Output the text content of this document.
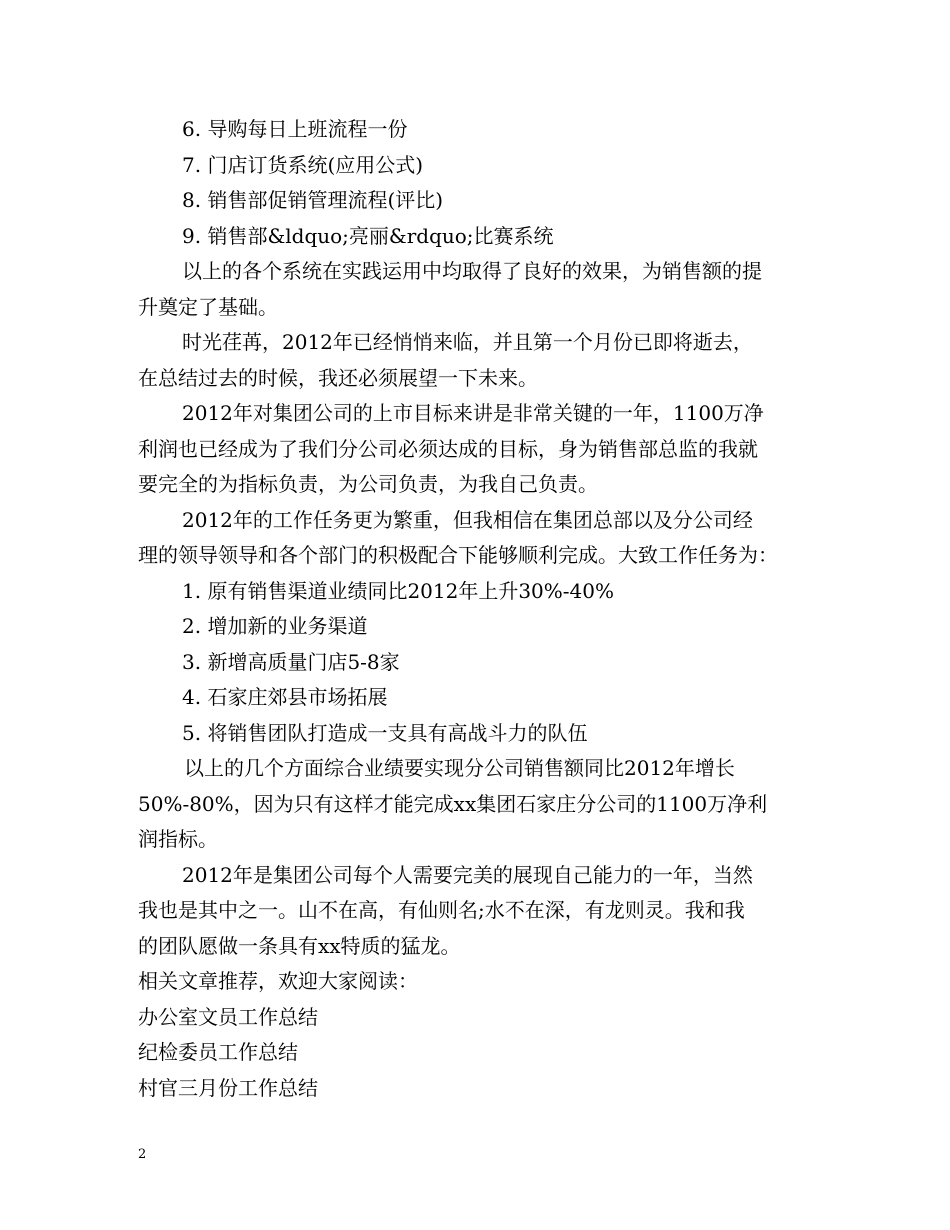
6. 导购每日上班流程一份
7. 门店订货系统(应用公式)
8. 销售部促销管理流程(评比)
9. 销售部&ldquo;亮丽&rdquo;比赛系统
以上的各个系统在实践运用中均取得了良好的效果，为销售额的提
升奠定了基础。
时光荏苒，2012年已经悄悄来临，并且第一个月份已即将逝去，
在总结过去的时候，我还必须展望一下未来。
2012年对集团公司的上市目标来讲是非常关键的一年，1100万净
利润也已经成为了我们分公司必须达成的目标，身为销售部总监的我就
要完全的为指标负责，为公司负责，为我自己负责。
2012年的工作任务更为繁重，但我相信在集团总部以及分公司经
理的领导领导和各个部门的积极配合下能够顺利完成。大致工作任务为：
1. 原有销售渠道业绩同比2012年上升30%-40%
2. 增加新的业务渠道
3. 新增高质量门店5-8家
4. 石家庄郊县市场拓展
5. 将销售团队打造成一支具有高战斗力的队伍
以上的几个方面综合业绩要实现分公司销售额同比2012年增长
50%-80%，因为只有这样才能完成xx集团石家庄分公司的1100万净利
润指标。
2012年是集团公司每个人需要完美的展现自己能力的一年，当然
我也是其中之一。山不在高，有仙则名;水不在深，有龙则灵。我和我
的团队愿做一条具有xx特质的猛龙。
相关文章推荐，欢迎大家阅读：
办公室文员工作总结
纪检委员工作总结
村官三月份工作总结
2
